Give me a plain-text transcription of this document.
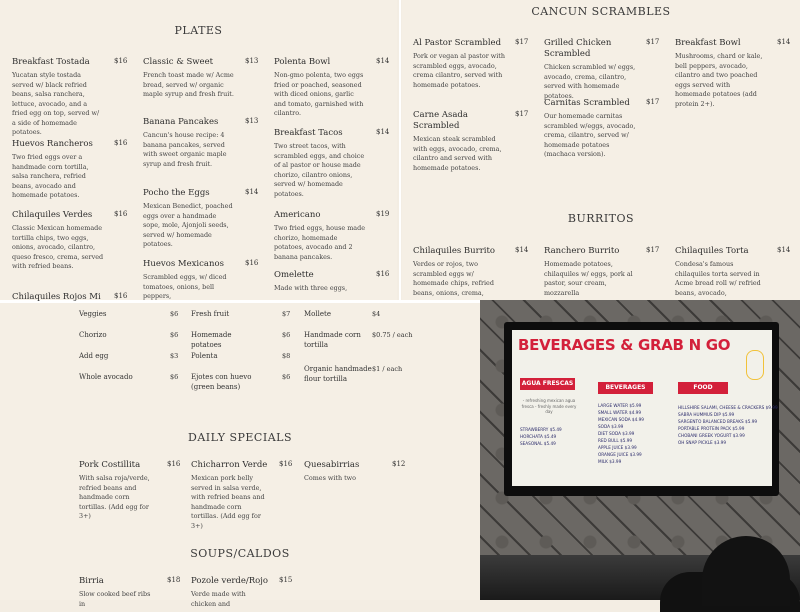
PLATES
Breakfast Tostada	$16
Yucatan style tostada served w/ black refried beans, salsa ranchera, lettuce, avocado, and a fried egg on top, served w/ a side of homemade potatoes.
Huevos Rancheros	$16
Two fried eggs over a handmade corn tortilla, salsa ranchera, refried beans, avocado and homemade potatoes.
Chilaquiles Verdes	$16
Classic Mexican homemade tortilla chips, two eggs, onions, avocado, cilantro, queso fresco, crema, served with refried beans.
Chilaquiles Rojos Mi	$16
Classic & Sweet	$13
French toast made w/ Acme bread, served w/ organic maple syrup and fresh fruit.
Banana Pancakes	$13
Cancun's house recipe: 4 banana pancakes, served with sweet organic maple syrup and fresh fruit.
Pocho the Eggs	$14
Mexican Benedict, poached eggs over a handmade sope, mole, Ajonjoli seeds, served w/ homemade potatoes.
Huevos Mexicanos	$16
Scrambled eggs, w/ diced tomatoes, onions, bell peppers,
Polenta Bowl	$14
Non-gmo polenta, two eggs fried or poached, seasoned with diced onions, garlic and tomato, garnished with cilantro.
Breakfast Tacos	$14
Two street tacos, with scrambled eggs, and choice of al pastor or house made chorizo, cilantro onions, served w/ homemade potatoes.
Americano	$19
Two fried eggs, house made chorizo, homemade potatoes, avocado and 2 banana pancakes.
Omelette	$16
Made with three eggs,
CANCUN SCRAMBLES
Al Pastor Scrambled	$17
Pork or vegan al pastor with scrambled eggs, avocado, crema cilantro, served with homemade potatoes.
Carne Asada Scrambled
$17
Mexican steak scrambled with eggs, avocado, crema, cilantro and served with homemade potatoes.
Grilled Chicken Scrambled
$17
Chicken scrambled w/ eggs, avocado, crema, cilantro, served with homemade potatoes.
Carnitas Scrambled	$17
Our homemade carnitas scrambled w/eggs, avocado, crema, cilantro, served w/ homemade potatoes (machaca version).
Breakfast Bowl	$14
Mushrooms, chard or kale, bell peppers, avocado, cilantro and two poached eggs served with homemade potatoes (add protein 2+).
BURRITOS
Chilaquiles Burrito	$14
Verdes or rojos, two scrambled eggs w/ homemade chips, refried beans, onions, crema,
Ranchero Burrito	$17
Homemade potatoes, chilaquiles w/ eggs, pork al pastor, sour cream, mozzarella
Chilaquiles Torta	$14
Condesa's famous chilaquiles torta served in Acme bread roll w/ refried beans, avocado,
Veggies	$6
Chorizo	$6
Add egg	$3
Whole avocado	$6
Fresh fruit	$7
Homemade potatoes
$6
Polenta	$8
Ejotes con huevo (green beans)
$6
Mollete	$4
Handmade corn tortilla
$0.75 / each
Organic handmade flour tortilla
$1 / each
DAILY SPECIALS
Pork Costillita	$16
With salsa roja/verde, refried beans and handmade corn tortillas. (Add egg for 3+)
Chicharron Verde $16
Mexican pork belly served in salsa verde, with refried beans and handmade corn tortillas. (Add egg for 3+)
Quesabirrias	$12
Comes with two
SOUPS/CALDOS
Birria	$18
Slow cooked beef ribs in
Pozole verde/Rojo $15
Verde made with chicken and
BEVERAGES & GRAB N GO
AGUA FRESCAS
BEVERAGES	FOOD
- refreshing mexican agua fresca - freshly made every day
STRAWBERRY $5.49
HORCHATA $5.49
SEASONAL $5.49
LARGE WATER $5.99
SMALL WATER $4.99
MEXICAN SODA $4.99
SODA $3.99
DIET SODA $3.99
RED BULL $5.99
APPLE JUICE $3.99
ORANGE JUICE $3.99
MILK $3.99
HILLSHIRE SALAMI, CHEESE & CRACKERS $9.99
SABRA HUMMUS DIP $5.99
SARGENTO BALANCED BREAKS $5.99
PORTABLE PROTEIN PACK $5.99
CHOBANI GREEK YOGURT $3.99
OH SNAP PICKLE $3.99
